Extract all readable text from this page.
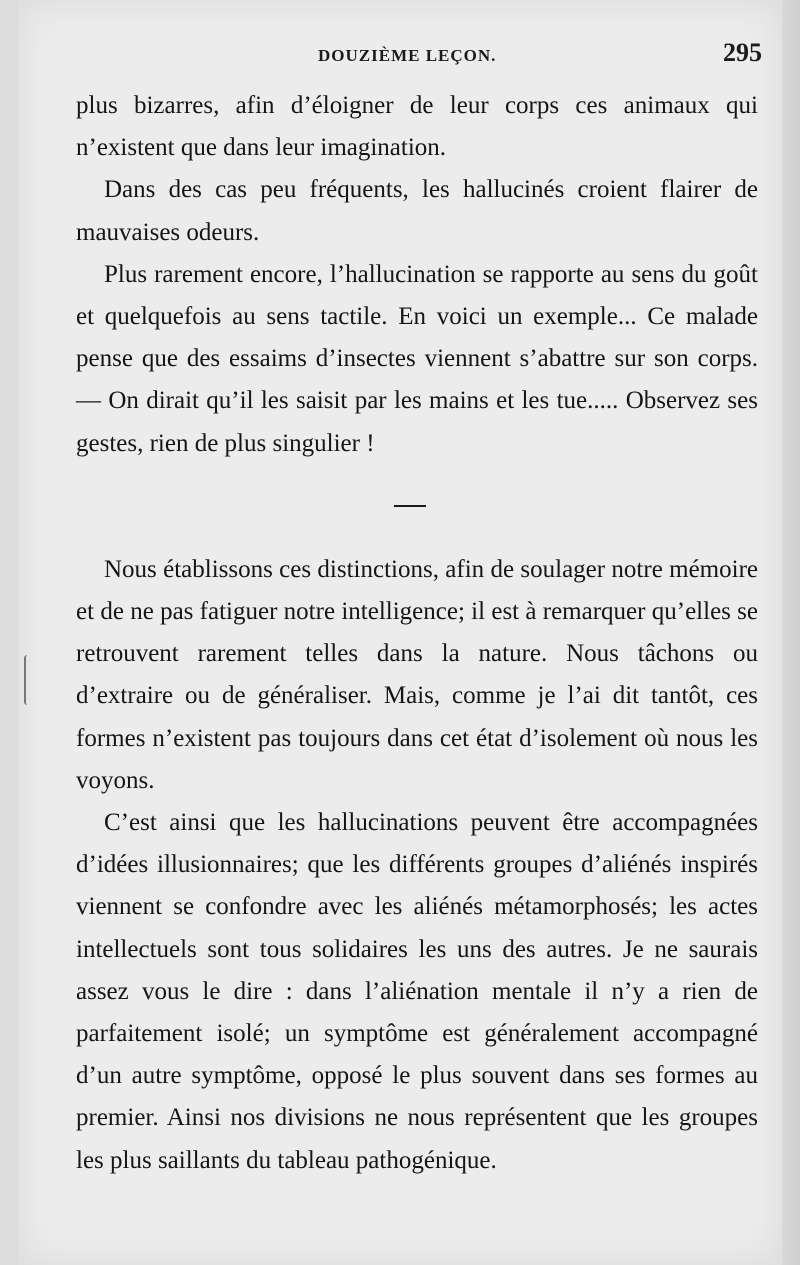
DOUZIÈME LEÇON.	295

plus bizarres, afin d’éloigner de leur corps ces animaux qui n’existent que dans leur imagination.

Dans des cas peu fréquents, les hallucinés croient flairer de mauvaises odeurs.

Plus rarement encore, l’hallucination se rapporte au sens du goût et quelquefois au sens tactile. En voici un exemple... Ce malade pense que des essaims d’insectes viennent s’abattre sur son corps. — On dirait qu’il les saisit par les mains et les tue..... Observez ses gestes, rien de plus singulier !

Nous établissons ces distinctions, afin de soulager notre mémoire et de ne pas fatiguer notre intelligence; il est à remarquer qu’elles se retrouvent rarement telles dans la nature. Nous tâchons ou d’extraire ou de généraliser. Mais, comme je l’ai dit tantôt, ces formes n’existent pas toujours dans cet état d’isolement où nous les voyons.

C’est ainsi que les hallucinations peuvent être accompagnées d’idées illusionnaires; que les différents groupes d’aliénés inspirés viennent se confondre avec les aliénés métamorphosés; les actes intellectuels sont tous solidaires les uns des autres. Je ne saurais assez vous le dire : dans l’aliénation mentale il n’y a rien de parfaitement isolé; un symptôme est généralement accompagné d’un autre symptôme, opposé le plus souvent dans ses formes au premier. Ainsi nos divisions ne nous représentent que les groupes les plus saillants du tableau pathogénique.
